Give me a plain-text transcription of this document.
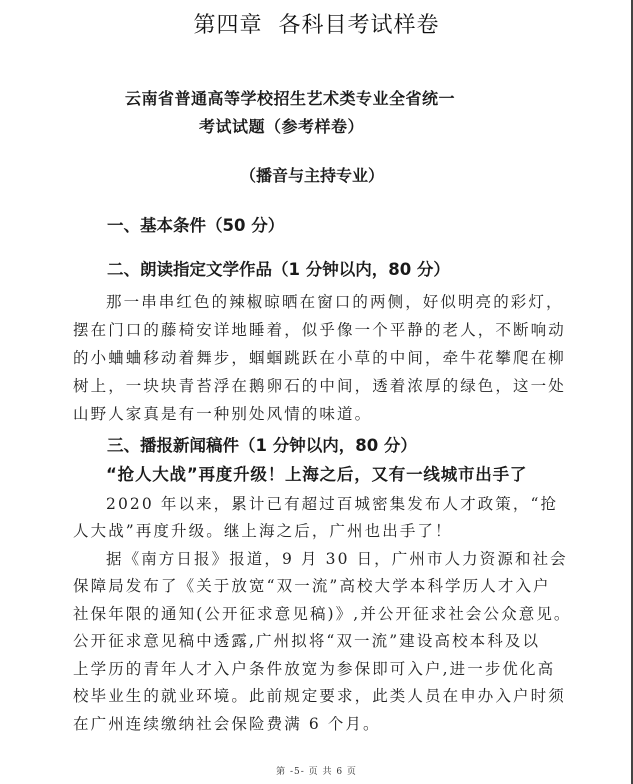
第四章  各科目考试样卷
云南省普通高等学校招生艺术类专业全省统一
考试试题（参考样卷）
（播音与主持专业）
一、基本条件（50 分）
二、朗读指定文学作品（1 分钟以内，80 分）
那一串串红色的辣椒晾晒在窗口的两侧，好似明亮的彩灯，
摆在门口的藤椅安详地睡着，似乎像一个平静的老人，不断响动
的小蛐蛐移动着舞步，蝈蝈跳跃在小草的中间，牵牛花攀爬在柳
树上，一块块青苔浮在鹅卵石的中间，透着浓厚的绿色，这一处
山野人家真是有一种别处风情的味道。
三、播报新闻稿件（1 分钟以内，80 分）
“抢人大战”再度升级！上海之后，又有一线城市出手了
2020 年以来，累计已有超过百城密集发布人才政策，“抢
人大战”再度升级。继上海之后，广州也出手了！
据《南方日报》报道，9 月 30 日，广州市人力资源和社会
保障局发布了《关于放宽“双一流”高校大学本科学历人才入户
社保年限的通知(公开征求意见稿)》,并公开征求社会公众意见。
公开征求意见稿中透露,广州拟将“双一流”建设高校本科及以
上学历的青年人才入户条件放宽为参保即可入户,进一步优化高
校毕业生的就业环境。此前规定要求，此类人员在申办入户时须
在广州连续缴纳社会保险费满 6 个月。
第 -5- 页 共 6 页
